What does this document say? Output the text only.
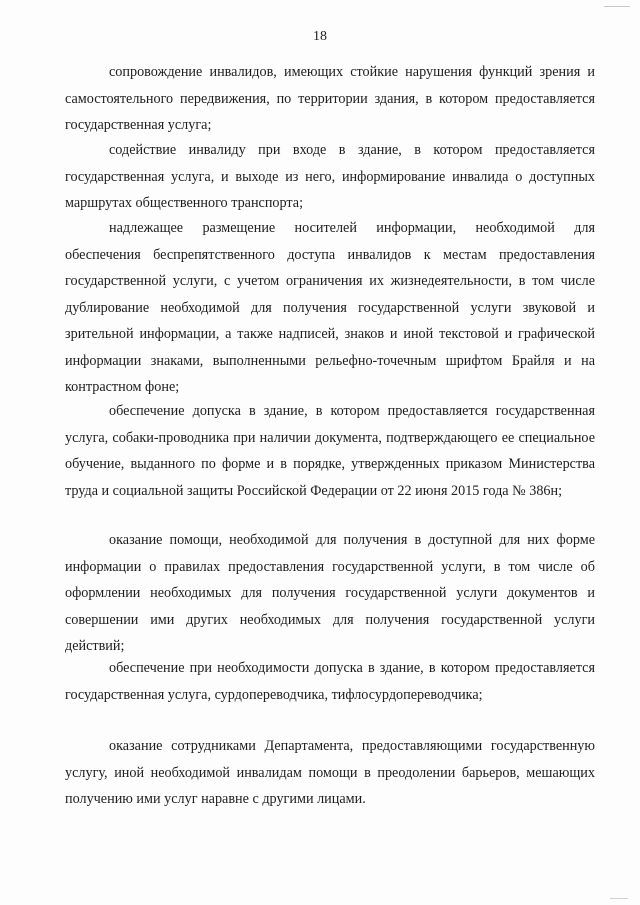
18

сопровождение инвалидов, имеющих стойкие нарушения функций зрения и самостоятельного передвижения, по территории здания, в котором предоставляется государственная услуга;

содействие инвалиду при входе в здание, в котором предоставляется государственная услуга, и выходе из него, информирование инвалида о доступных маршрутах общественного транспорта;

надлежащее размещение носителей информации, необходимой для обеспечения беспрепятственного доступа инвалидов к местам предоставления государственной услуги, с учетом ограничения их жизнедеятельности, в том числе дублирование необходимой для получения государственной услуги звуковой и зрительной информации, а также надписей, знаков и иной текстовой и графической информации знаками, выполненными рельефно-точечным шрифтом Брайля и на контрастном фоне;

обеспечение допуска в здание, в котором предоставляется государственная услуга, собаки-проводника при наличии документа, подтверждающего ее специальное обучение, выданного по форме и в порядке, утвержденных приказом Министерства труда и социальной защиты Российской Федерации от 22 июня 2015 года № 386н;

оказание помощи, необходимой для получения в доступной для них форме информации о правилах предоставления государственной услуги, в том числе об оформлении необходимых для получения государственной услуги документов и совершении ими других необходимых для получения государственной услуги действий;

обеспечение при необходимости допуска в здание, в котором предоставляется государственная услуга, сурдопереводчика, тифлосурдопереводчика;

оказание сотрудниками Департамента, предоставляющими государственную услугу, иной необходимой инвалидам помощи в преодолении барьеров, мешающих получению ими услуг наравне с другими лицами.
